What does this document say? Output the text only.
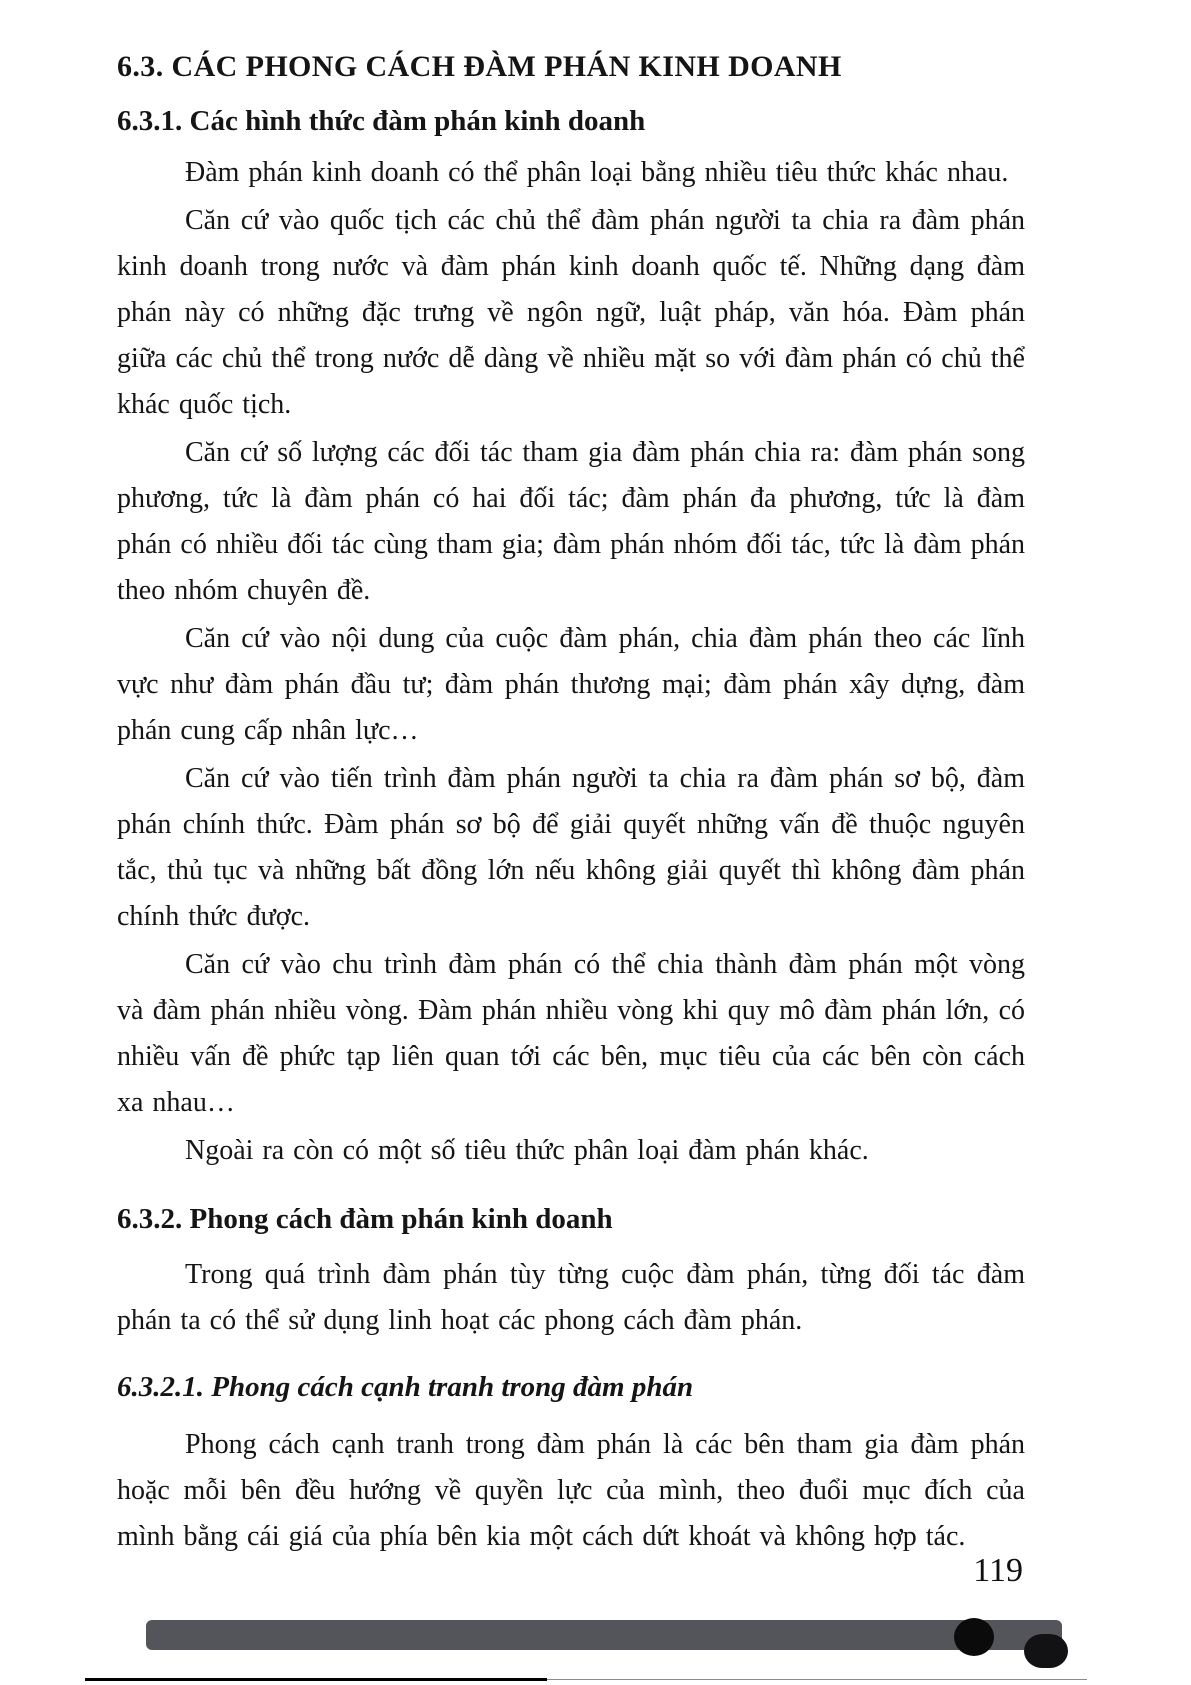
6.3. CÁC PHONG CÁCH ĐÀM PHÁN KINH DOANH
6.3.1. Các hình thức đàm phán kinh doanh

Đàm phán kinh doanh có thể phân loại bằng nhiều tiêu thức khác nhau.

Căn cứ vào quốc tịch các chủ thể đàm phán người ta chia ra đàm phán kinh doanh trong nước và đàm phán kinh doanh quốc tế. Những dạng đàm phán này có những đặc trưng về ngôn ngữ, luật pháp, văn hóa. Đàm phán giữa các chủ thể trong nước dễ dàng về nhiều mặt so với đàm phán có chủ thể khác quốc tịch.

Căn cứ số lượng các đối tác tham gia đàm phán chia ra: đàm phán song phương, tức là đàm phán có hai đối tác; đàm phán đa phương, tức là đàm phán có nhiều đối tác cùng tham gia; đàm phán nhóm đối tác, tức là đàm phán theo nhóm chuyên đề.

Căn cứ vào nội dung của cuộc đàm phán, chia đàm phán theo các lĩnh vực như đàm phán đầu tư; đàm phán thương mại; đàm phán xây dựng, đàm phán cung cấp nhân lực…

Căn cứ vào tiến trình đàm phán người ta chia ra đàm phán sơ bộ, đàm phán chính thức. Đàm phán sơ bộ để giải quyết những vấn đề thuộc nguyên tắc, thủ tục và những bất đồng lớn nếu không giải quyết thì không đàm phán chính thức được.

Căn cứ vào chu trình đàm phán có thể chia thành đàm phán một vòng và đàm phán nhiều vòng. Đàm phán nhiều vòng khi quy mô đàm phán lớn, có nhiều vấn đề phức tạp liên quan tới các bên, mục tiêu của các bên còn cách xa nhau…

Ngoài ra còn có một số tiêu thức phân loại đàm phán khác.

6.3.2. Phong cách đàm phán kinh doanh

Trong quá trình đàm phán tùy từng cuộc đàm phán, từng đối tác đàm phán ta có thể sử dụng linh hoạt các phong cách đàm phán.

6.3.2.1. Phong cách cạnh tranh trong đàm phán

Phong cách cạnh tranh trong đàm phán là các bên tham gia đàm phán hoặc mỗi bên đều hướng về quyền lực của mình, theo đuổi mục đích của mình bằng cái giá của phía bên kia một cách dứt khoát và không hợp tác.

119
